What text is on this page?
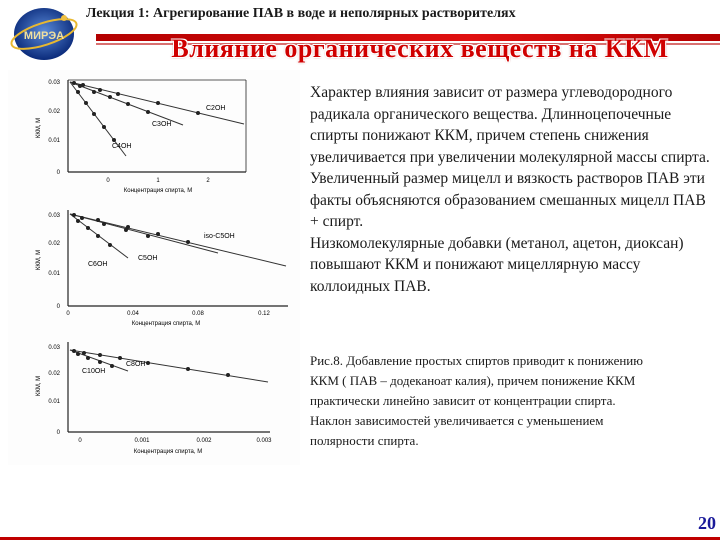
МИРЭА
Лекция 1: Агрегирование ПАВ в воде и неполярных растворителях
Влияние органических веществ на ККМ
0.03
0.02
0.01
0
0	1	2
Концентрация спирта, М
ККМ, М
C2OH
C3OH
C4OH
0.03
0.02
0.01
0
0	0.04	0.08	0.12
Концентрация спирта, М
ККМ, М
iso-C5OH
C5OH
C6OH
0.03
0.02
0.01
0
0	0.001	0.002	0.003
Концентрация спирта, М
ККМ, М
C8OH
C10OH

Характер влияния зависит от размера углеводородного радикала органического вещества. Длинноцепочечные спирты понижают ККМ, причем степень снижения увеличивается при увеличении молекулярной массы спирта. Увеличенный размер мицелл и вязкость растворов ПАВ эти факты объясняются образованием смешанных мицелл ПАВ + спирт.

Низкомолекулярные добавки (метанол, ацетон, диоксан) повышают ККМ и понижают мицеллярную массу коллоидных ПАВ.

Рис.8. Добавление простых спиртов приводит к понижению ККМ ( ПАВ – додеканоат калия), причем понижение ККМ практически линейно зависит от концентрации спирта. Наклон зависимостей увеличивается с уменьшением полярности спирта.
20
